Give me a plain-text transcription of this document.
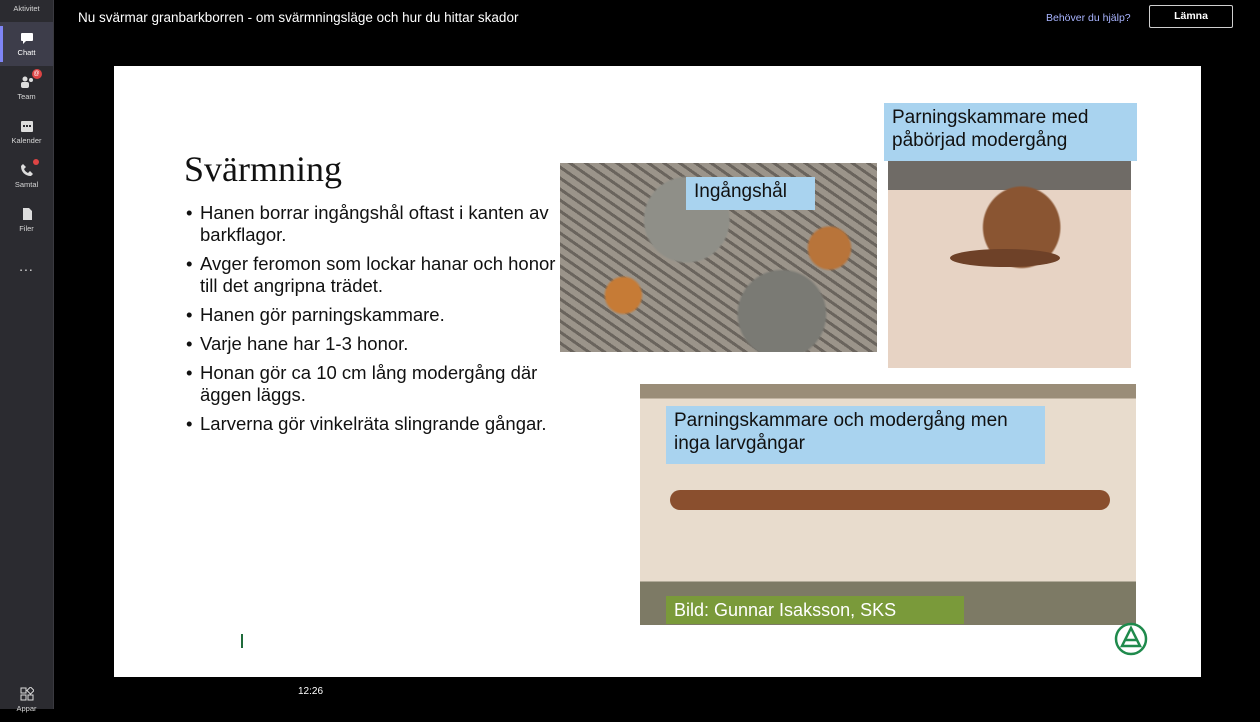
Aktivitet
Chatt
@
Team
Kalender
Samtal
Filer
...
Appar
Nu svärmar granbarkborren - om svärmningsläge och hur du hittar skador	Behöver du hjälp?	Lämna
Svärmning
• Hanen borrar ingångshål oftast i kanten av barkflagor.
• Avger feromon som lockar hanar och honor till det angripna trädet.
• Hanen gör parningskammare.
• Varje hane har 1-3 honor.
• Honan gör ca 10 cm lång modergång där äggen läggs.
• Larverna gör vinkelräta slingrande gångar.
Ingångshål
Parningskammare med påbörjad modergång
Parningskammare och modergång men inga larvgångar
Bild: Gunnar Isaksson, SKS
12:26
